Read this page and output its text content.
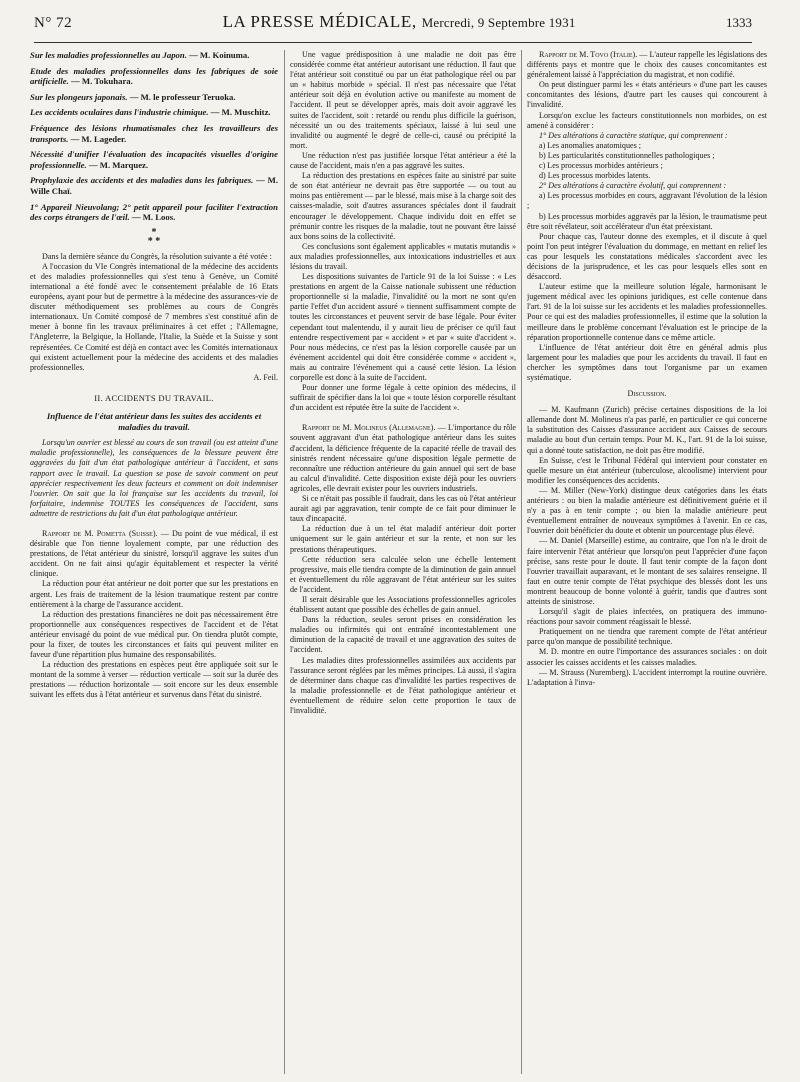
N° 72	LA PRESSE MÉDICALE, Mercredi, 9 Septembre 1931	1333

Sur les maladies professionnelles au Japon. — M. Koinuma.

Etude des maladies professionnelles dans les fabriques de soie artificielle. — M. Tokuhara.

Sur les plongeurs japonais. — M. le professeur Teruoka.

Les accidents oculaires dans l'industrie chimique. — M. Muschitz.

Fréquence des lésions rhumatismales chez les travailleurs des transports. — M. Lageder.

Nécessité d'unifier l'évaluation des incapacités visuelles d'origine professionnelle. — M. Marquez.

Prophylaxie des accidents et des maladies dans les fabriques. — M. Wille Chaï.

1° Appareil Nieuvolang; 2° petit appareil pour faciliter l'extraction des corps étrangers de l'œil. — M. Loos.

*
* *

Dans la dernière séance du Congrès, la résolution suivante a été votée :

A l'occasion du VIe Congrès international de la médecine des accidents et des maladies professionnelles qui s'est tenu à Genève, un Comité international a été fondé avec le consentement préalable de 16 Etats européens, ayant pour but de permettre à la médecine des assurances-vie de discuter méthodiquement ses problèmes au cours de Congrès internationaux. Un Comité composé de 7 membres s'est constitué afin de mener à bonne fin les travaux préliminaires à cet effet ; l'Allemagne, l'Angleterre, la Belgique, la Hollande, l'Italie, la Suède et la Suisse y sont représentées. Ce Comité est déjà en contact avec les Comités internationaux qui existent actuellement pour la médecine des accidents et des maladies professionnelles.

A. Feil.

II. ACCIDENTS DU TRAVAIL.
Influence de l'état antérieur dans les suites des accidents et maladies du travail.

Lorsqu'un ouvrier est blessé au cours de son travail (ou est atteint d'une maladie professionnelle), les conséquences de la blessure peuvent être aggravées du fait d'un état pathologique antérieur à l'accident, et sans rapport avec le travail. La question se pose de savoir comment on peut apprécier respectivement les deux facteurs et comment on doit indemniser l'ouvrier. On sait que la loi française sur les accidents du travail, loi forfaitaire, indemnise TOUTES les conséquences de l'accident, sans admettre de restrictions du fait d'un état pathologique antérieur.

Rapport de M. Pometta (Suisse). — Du point de vue médical, il est désirable que l'on tienne loyalement compte, par une réduction des prestations, de l'état antérieur du sinistré, lorsqu'il aggrave les suites d'un accident. On ne fait ainsi qu'agir équitablement et respecter la vérité clinique.

La réduction pour état antérieur ne doit porter que sur les prestations en argent. Les frais de traitement de la lésion traumatique restent par contre entièrement à la charge de l'assurance accident.

La réduction des prestations financières ne doit pas nécessairement être proportionnelle aux conséquences respectives de l'accident et de l'état antérieur envisagé du point de vue médical pur. On tiendra plutôt compte, pour la fixer, de toutes les circonstances et faits qui peuvent militer en faveur d'une répartition plus humaine des responsabilités.

La réduction des prestations en espèces peut être appliquée soit sur le montant de la somme à verser — réduction verticale — soit sur la durée des prestations — réduction horizontale — soit encore sur les deux ensemble suivant les effets dus à l'état antérieur et survenus dans l'état du sinistré.

Une vague prédisposition à une maladie ne doit pas être considérée comme état antérieur autorisant une réduction. Il faut que l'état antérieur soit constitué ou par un état pathologique réel ou par un « habitus morbide » spécial. Il n'est pas nécessaire que l'état antérieur soit déjà en évolution active ou manifeste au moment de l'accident. Il peut se développer après, mais doit avoir aggravé les suites de l'accident, soit : retardé ou rendu plus difficile la guérison, nécessité un ou des traitements spéciaux, laissé à lui seul une invalidité ou augmenté le degré de celle-ci, causé ou précipité la mort.

Une réduction n'est pas justifiée lorsque l'état antérieur a été la cause de l'accident, mais n'en a pas aggravé les suites.

La réduction des prestations en espèces faite au sinistré par suite de son état antérieur ne devrait pas être supportée — ou tout au moins pas entièrement — par le blessé, mais mise à la charge soit des caisses-maladie, soit d'autres assurances spéciales dont il faudrait encourager le développement. Chaque individu doit en effet se prémunir contre les risques de la maladie, tout ne pouvant être laissé aux bons soins de la collectivité.

Ces conclusions sont également applicables « mutatis mutandis » aux maladies professionnelles, aux intoxications industrielles et aux lésions du travail.

Les dispositions suivantes de l'article 91 de la loi Suisse : « Les prestations en argent de la Caisse nationale subissent une réduction proportionnelle si la maladie, l'invalidité ou la mort ne sont qu'en partie l'effet d'un accident assuré » tiennent suffisamment compte de toutes les circonstances et peuvent servir de base légale. Pour éviter cependant tout malentendu, il y aurait lieu de préciser ce qu'il faut entendre respectivement par « accident » et par « suite d'accident ». Pour nous médecins, ce n'est pas la lésion corporelle causée par un événement accidentel qui doit être considérée comme « accident », mais au contraire l'événement qui a causé cette lésion. La lésion corporelle est donc à la suite de l'accident.

Pour donner une forme légale à cette opinion des médecins, il suffirait de spécifier dans la loi que « toute lésion corporelle résultant d'un accident est réputée être la suite de l'accident ».

Rapport de M. Molineus (Allemagne). — L'importance du rôle souvent aggravant d'un état pathologique antérieur dans les suites d'accident, la déficience fréquente de la capacité réelle de travail des sinistrés rendent nécessaire qu'une disposition légale permette de reconnaître une réduction antérieure du gain annuel qui sert de base au calcul d'invalidité. Cette disposition existe déjà pour les ouvriers agricoles, elle devrait exister pour les ouvriers industriels.

Si ce n'était pas possible il faudrait, dans les cas où l'état antérieur aurait agi par aggravation, tenir compte de ce fait pour diminuer le taux d'incapacité.

La réduction due à un tel état maladif antérieur doit porter uniquement sur le gain antérieur et sur la rente, et non sur les prestations thérapeutiques.

Cette réduction sera calculée selon une échelle lentement progressive, mais elle tiendra compte de la diminution de gain annuel et éventuellement du rôle aggravant de l'état antérieur sur les suites de l'accident.

Il serait désirable que les Associations professionnelles agricoles établissent autant que possible des échelles de gain annuel.

Dans la réduction, seules seront prises en considération les maladies ou infirmités qui ont entraîné incontestablement une diminution de la capacité de travail et une aggravation des suites de l'accident.

Les maladies dites professionnelles assimilées aux accidents par l'assurance seront réglées par les mêmes principes. Là aussi, il s'agira de déterminer dans chaque cas d'invalidité les parties respectives de la maladie professionnelle et de l'état pathologique antérieur et éventuellement de réduire selon cette proportion le taux de l'invalidité.

Rapport de M. Tovo (Italie). — L'auteur rappelle les législations des différents pays et montre que le choix des causes concomitantes est généralement laissé à l'appréciation du magistrat, et non codifié.

On peut distinguer parmi les « états antérieurs » d'une part les causes concomitantes des lésions, d'autre part les causes qui concourent à l'invalidité.

Lorsqu'on exclue les facteurs constitutionnels non morbides, on est amené à considérer :

1° Des altérations à caractère statique, qui comprennent :

a) Les anomalies anatomiques ;

b) Les particularités constitutionnelles pathologiques ;

c) Les processus morbides antérieurs ;

d) Les processus morbides latents.

2° Des altérations à caractère évolutif, qui comprennent :

a) Les processus morbides en cours, aggravant l'évolution de la lésion ;

b) Les processus morbides aggravés par la lésion, le traumatisme peut être soit révélateur, soit accélérateur d'un état préexistant.

Pour chaque cas, l'auteur donne des exemples, et il discute à quel point l'on peut intégrer l'évaluation du dommage, en mettant en relief les cas pour lesquels les constatations médicales s'accordent avec les décisions de la jurisprudence, et les cas pour lesquels elles sont en désaccord.

L'auteur estime que la meilleure solution légale, harmonisant le jugement médical avec les opinions juridiques, est celle contenue dans l'art. 91 de la loi suisse sur les accidents et les maladies professionnelles. Pour ce qui est des maladies professionnelles, il estime que la solution la meilleure dans le problème concernant l'évaluation est le principe de la réparation proportionnelle contenue dans ce même article.

L'influence de l'état antérieur doit être en général admis plus largement pour les maladies que pour les accidents du travail. Il faut en chercher les symptômes dans tout l'organisme par un examen systématique.

Discussion.

— M. Kaufmann (Zurich) précise certaines dispositions de la loi allemande dont M. Molineus n'a pas parlé, en particulier ce qui concerne la substitution des Caisses d'assurance accident aux Caisses de secours maladie au bout d'un certain temps. Pour M. K., l'art. 91 de la loi suisse, qui a donné toute satisfaction, ne doit pas être modifié.

En Suisse, c'est le Tribunal Fédéral qui intervient pour constater en quelle mesure un état antérieur (tuberculose, alcoolisme) intervient pour modifier les conséquences des accidents.

— M. Miller (New-York) distingue deux catégories dans les états antérieurs : ou bien la maladie antérieure est définitivement guérie et il n'y a pas à en tenir compte ; ou bien la maladie antérieure peut éventuellement entraîner de nouveaux symptômes à l'avenir. En ce cas, l'ouvrier doit bénéficier du doute et obtenir un pourcentage plus élevé.

— M. Daniel (Marseille) estime, au contraire, que l'on n'a le droit de faire intervenir l'état antérieur que lorsqu'on peut l'apprécier d'une façon précise, sans reste pour le doute. Il faut tenir compte de la façon dont l'ouvrier travaillait auparavant, et le montant de ses salaires renseigne. Il faut en outre tenir compte de l'état psychique des blessés dont les uns montrent beaucoup de bonne volonté à guérir, tandis que d'autres sont atteints de sinistrose.

Lorsqu'il s'agit de plaies infectées, on pratiquera des immuno-réactions pour savoir comment réagissait le blessé.

Pratiquement on ne tiendra que rarement compte de l'état antérieur parce qu'on manque de possibilité technique.

M. D. montre en outre l'importance des assurances sociales : on doit associer les caisses accidents et les caisses maladies.

— M. Strauss (Nuremberg). L'accident interrompt la routine ouvrière. L'adaptation à l'inva-
